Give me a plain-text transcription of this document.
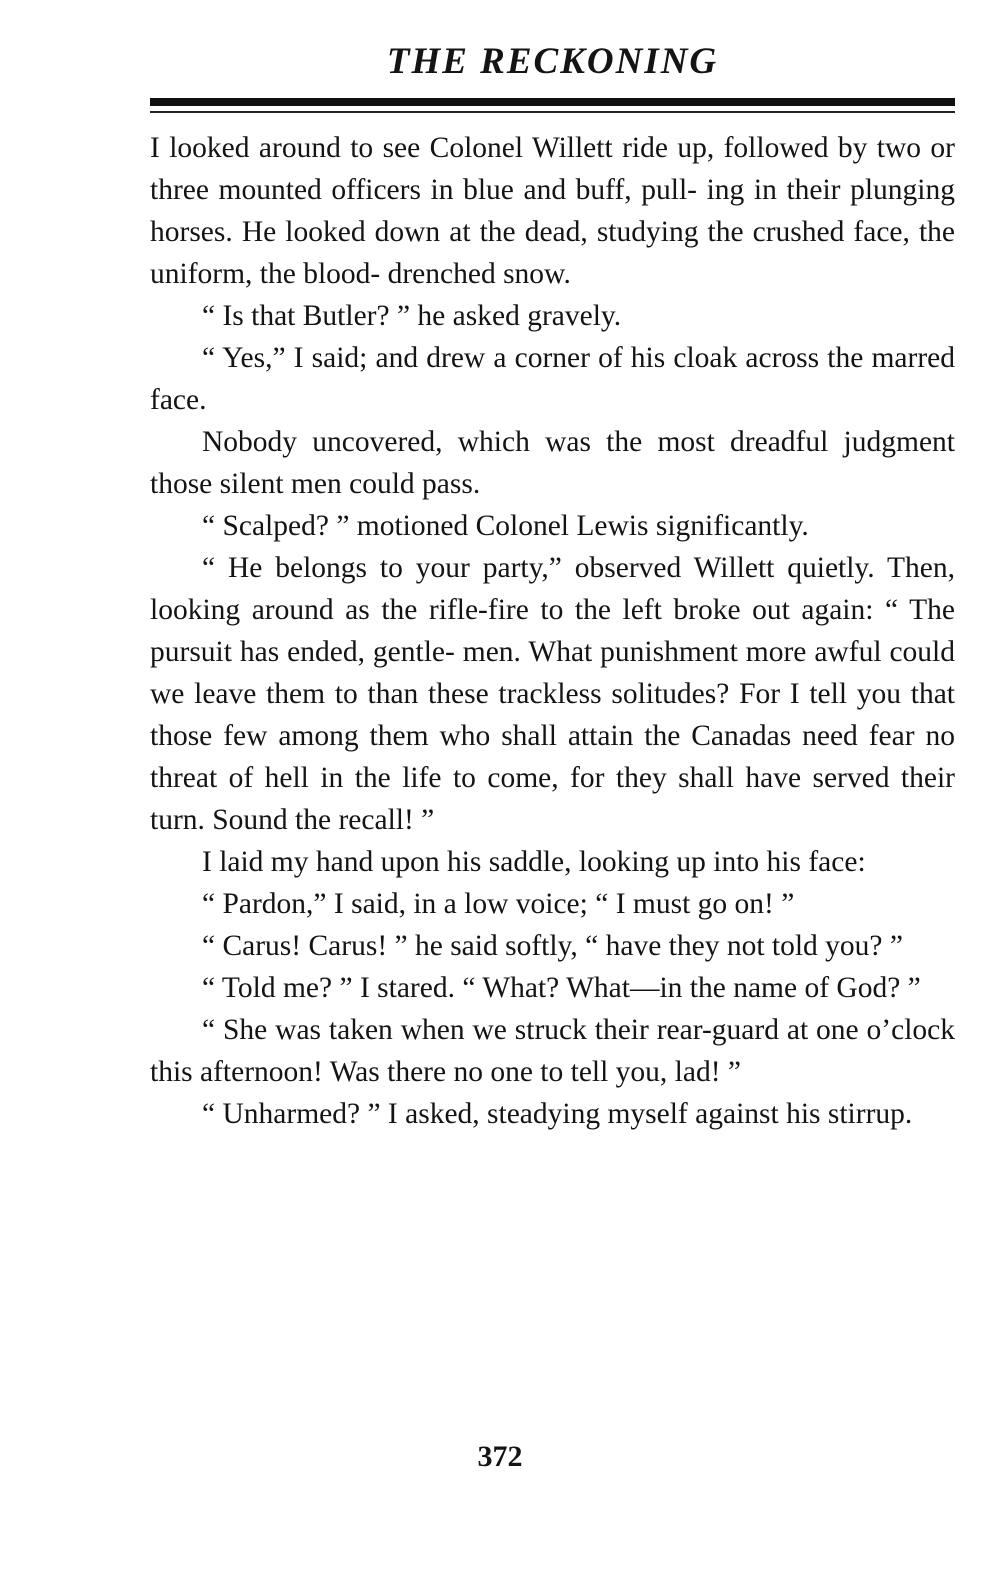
THE RECKONING

I looked around to see Colonel Willett ride up, followed by two or three mounted officers in blue and buff, pull- ing in their plunging horses. He looked down at the dead, studying the crushed face, the uniform, the blood- drenched snow.

“ Is that Butler? ” he asked gravely.

“ Yes,” I said; and drew a corner of his cloak across the marred face.

Nobody uncovered, which was the most dreadful judgment those silent men could pass.

“ Scalped? ” motioned Colonel Lewis significantly.

“ He belongs to your party,” observed Willett quietly. Then, looking around as the rifle-fire to the left broke out again: “ The pursuit has ended, gentle- men. What punishment more awful could we leave them to than these trackless solitudes? For I tell you that those few among them who shall attain the Canadas need fear no threat of hell in the life to come, for they shall have served their turn. Sound the recall! ”

I laid my hand upon his saddle, looking up into his face:

“ Pardon,” I said, in a low voice; “ I must go on! ”

“ Carus! Carus! ” he said softly, “ have they not told you? ”

“ Told me? ” I stared. “ What? What—in the name of God? ”

“ She was taken when we struck their rear-guard at one o’clock this afternoon! Was there no one to tell you, lad! ”

“ Unharmed? ” I asked, steadying myself against his stirrup.

372
